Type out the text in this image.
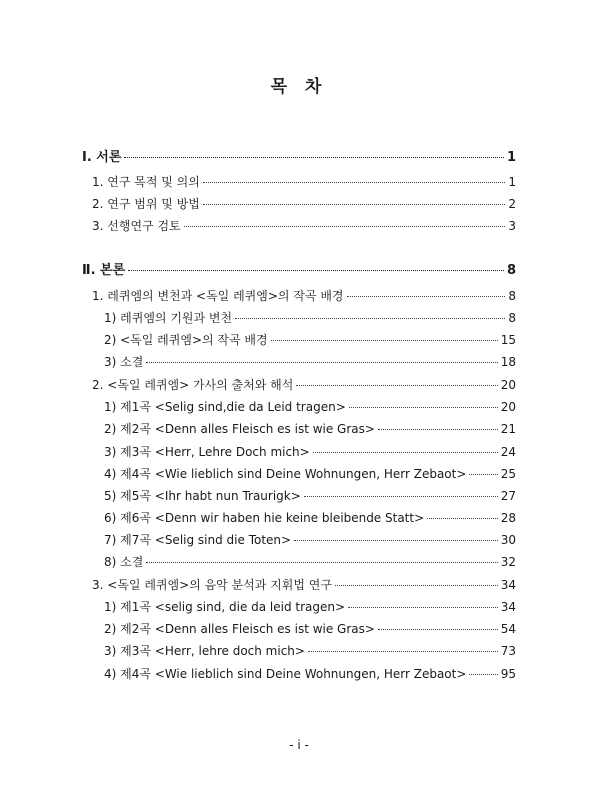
목 차
Ⅰ. 서론	1
1. 연구 목적 및 의의	1
2. 연구 범위 및 방법	2
3. 선행연구 검토	3
Ⅱ. 본론	8
1. 레퀴엠의 변천과 <독일 레퀴엠>의 작곡 배경	8
1) 레퀴엠의 기원과 변천	8
2) <독일 레퀴엠>의 작곡 배경	15
3) 소결	18
2. <독일 레퀴엠> 가사의 출처와 해석	20
1) 제1곡 <Selig sind,die da Leid tragen>	20
2) 제2곡 <Denn alles Fleisch es ist wie Gras>	21
3) 제3곡 <Herr, Lehre Doch mich>	24
4) 제4곡 <Wie lieblich sind Deine Wohnungen, Herr Zebaot>	25
5) 제5곡 <Ihr habt nun Traurigk>	27
6) 제6곡 <Denn wir haben hie keine bleibende Statt>	28
7) 제7곡 <Selig sind die Toten>	30
8) 소결	32
3. <독일 레퀴엠>의 음악 분석과 지휘법 연구	34
1) 제1곡 <selig sind, die da leid tragen>	34
2) 제2곡 <Denn alles Fleisch es ist wie Gras>	54
3) 제3곡 <Herr, lehre doch mich>	73
4) 제4곡 <Wie lieblich sind Deine Wohnungen, Herr Zebaot>	95
- i -
